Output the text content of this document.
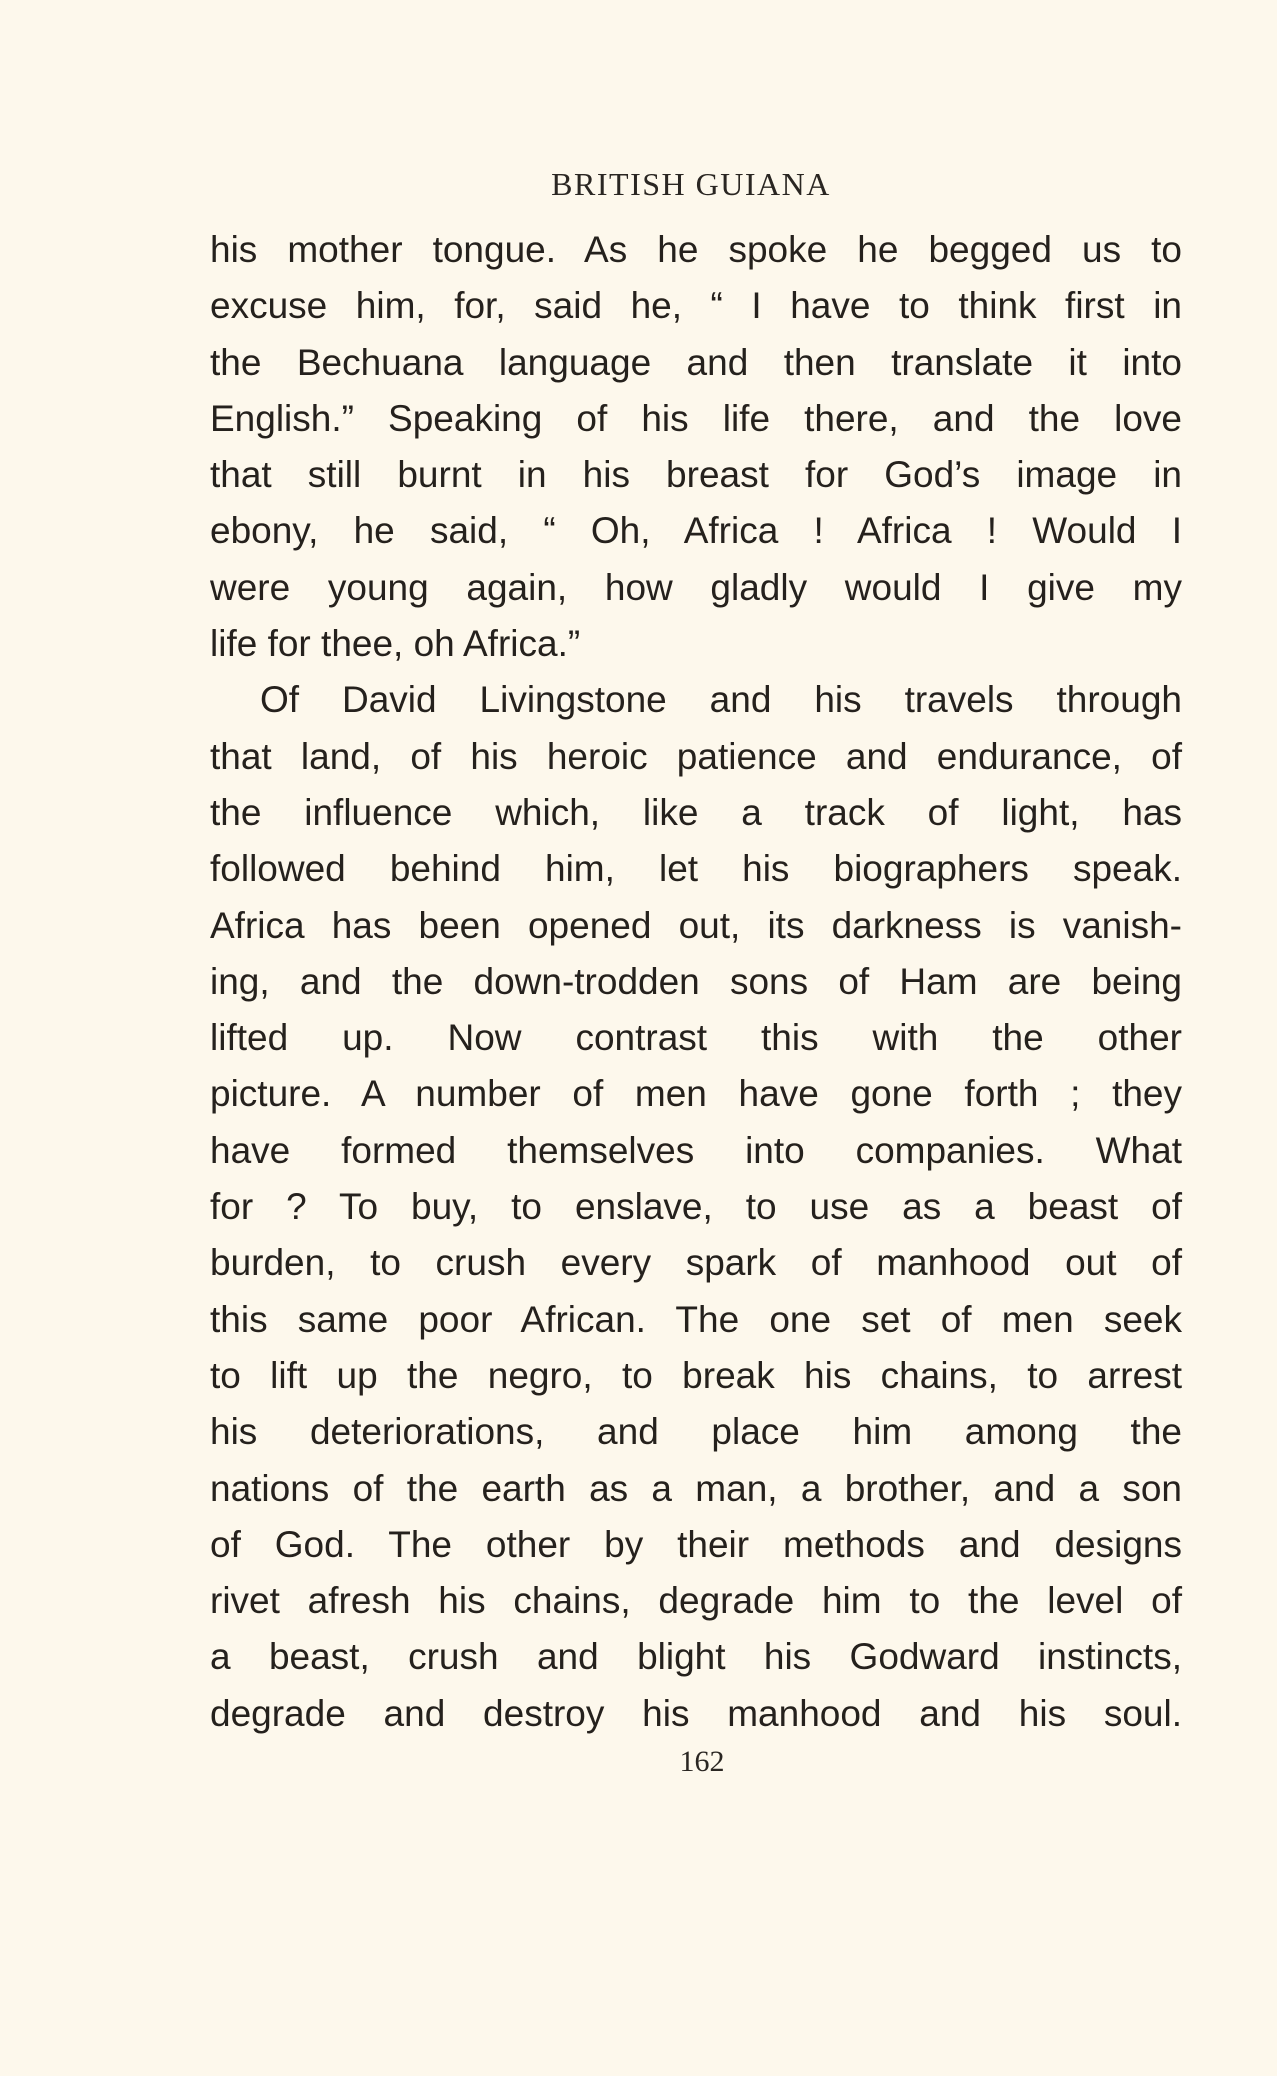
BRITISH GUIANA
his mother tongue. As he spoke he begged us to
excuse him, for, said he, “ I have to think first in
the Bechuana language and then translate it into
English.” Speaking of his life there, and the love
that still burnt in his breast for God’s image in
ebony, he said, “ Oh, Africa ! Africa ! Would I
were young again, how gladly would I give my
life for thee, oh Africa.”
Of David Livingstone and his travels through
that land, of his heroic patience and endurance, of
the influence which, like a track of light, has
followed behind him, let his biographers speak.
Africa has been opened out, its darkness is vanish-
ing, and the down-trodden sons of Ham are being
lifted up. Now contrast this with the other
picture. A number of men have gone forth ; they
have formed themselves into companies. What
for ? To buy, to enslave, to use as a beast of
burden, to crush every spark of manhood out of
this same poor African. The one set of men seek
to lift up the negro, to break his chains, to arrest
his deteriorations, and place him among the
nations of the earth as a man, a brother, and a son
of God. The other by their methods and designs
rivet afresh his chains, degrade him to the level of
a beast, crush and blight his Godward instincts,
degrade and destroy his manhood and his soul.
162
